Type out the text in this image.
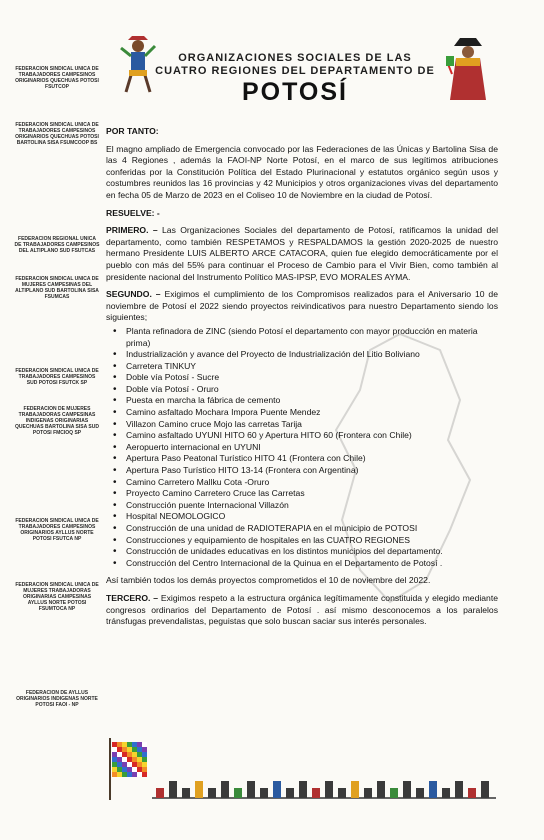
ORGANIZACIONES SOCIALES DE LAS
CUATRO REGIONES DEL DEPARTAMENTO DE
POTOSÍ
FEDERACION SINDICAL UNICA DE TRABAJADORES CAMPESINOS ORIGINARIOS QUECHUAS POTOSI FSUTCOP
FEDERACION SINDICAL UNICA DE TRABAJADORES CAMPESINOS ORIGINARIOS QUECHUAS POTOSI BARTOLINA SISA FSUMCOOP BS
FEDERACION REGIONAL UNICA DE TRABAJADORES CAMPESINOS DEL ALTIPLANO SUD FSUTCAS
FEDERACION SINDICAL UNICA DE MUJERES CAMPESINAS DEL ALTIPLANO SUD BARTOLINA SISA FSUMCAS
FEDERACION SINDICAL UNICA DE TRABAJADORES CAMPESINOS SUD POTOSI FSUTCK SP
FEDERACION DE MUJERES TRABAJADORAS CAMPESINAS INDIGENAS ORIGINARIAS QUECHUAS BARTOLINA SISA SUD POTOSI FMCIOQ SP
FEDERACION SINDICAL UNICA DE TRABAJADORES CAMPESINOS ORIGINARIOS AYLLUS NORTE POTOSI FSUTCA NP
FEDERACION SINDICAL UNICA DE MUJERES TRABAJADORAS ORIGINARIAS CAMPESINAS AYLLUS NORTE POTOSI FSUMTOCA NP
FEDERACION DE AYLLUS ORIGINARIOS INDIGENAS NORTE POTOSI FAOI - NP

POR TANTO:

El magno ampliado de Emergencia convocado por las Federaciones de las Únicas y Bartolina Sisa de las 4 Regiones , además la FAOI-NP Norte Potosí, en el marco de sus legítimos atribuciones conferidas por la Constitución Política del Estado Plurinacional y estatutos orgánico según usos y costumbres reunidos las 16 provincias y 42 Municipios y otros organizaciones vivas del departamento en fecha 05 de Marzo de 2023 en el Coliseo 10 de Noviembre en la ciudad de Potosí.

RESUELVE: -

PRIMERO. – Las Organizaciones Sociales del departamento de Potosí, ratificamos la unidad del departamento, como también RESPETAMOS y RESPALDAMOS la gestión 2020-2025 de nuestro hermano Presidente LUIS ALBERTO ARCE CATACORA, quien fue elegido democráticamente por el pueblo con más del 55% para continuar el Proceso de Cambio para el Vivir Bien, como también al presidente nacional del Instrumento Político MAS-IPSP, EVO MORALES AYMA.

SEGUNDO. – Exigimos el cumplimiento de los Compromisos realizados para el Aniversario 10 de noviembre de Potosí el 2022 siendo proyectos reivindicativos para nuestro Departamento siendo los siguientes;

• Planta refinadora de ZINC (siendo Potosí el departamento con mayor producción en materia prima)
• Industrialización y avance del Proyecto de Industrialización del Litio Boliviano
• Carretera TINKUY
• Doble vía Potosí - Sucre
• Doble vía Potosí - Oruro
• Puesta en marcha la fábrica de cemento
• Camino asfaltado Mochara Impora Puente Mendez
• Villazon Camino cruce Mojo las carretas Tarija
• Camino asfaltado UYUNI HITO 60 y Apertura HITO 60 (Frontera con Chile)
• Aeropuerto internacional en UYUNI
• Apertura Paso Peatonal Turístico HITO 41 (Frontera con Chile)
• Apertura Paso Turístico HITO 13-14 (Frontera con Argentina)
• Camino Carretero Mallku Cota -Oruro
• Proyecto Camino Carretero Cruce las Carretas
• Construcción puente Internacional Villazón
• Hospital NEOMOLOGICO
• Construcción de una unidad de RADIOTERAPIA en el municipio de POTOSI
• Construcciones y equipamiento de hospitales en las CUATRO REGIONES
• Construcción de unidades educativas en los distintos municipios del departamento.
• Construcción del Centro Internacional de la Quinua en el Departamento de Potosí .

Así también todos los demás proyectos comprometidos el 10 de noviembre del 2022.

TERCERO. – Exigimos respeto a la estructura orgánica legítimamente constituida y elegido mediante congresos ordinarios del Departamento de Potosí . así mismo desconocemos a los paralelos tránsfugas prevendalistas, peguistas que solo buscan saciar sus interés personales.
